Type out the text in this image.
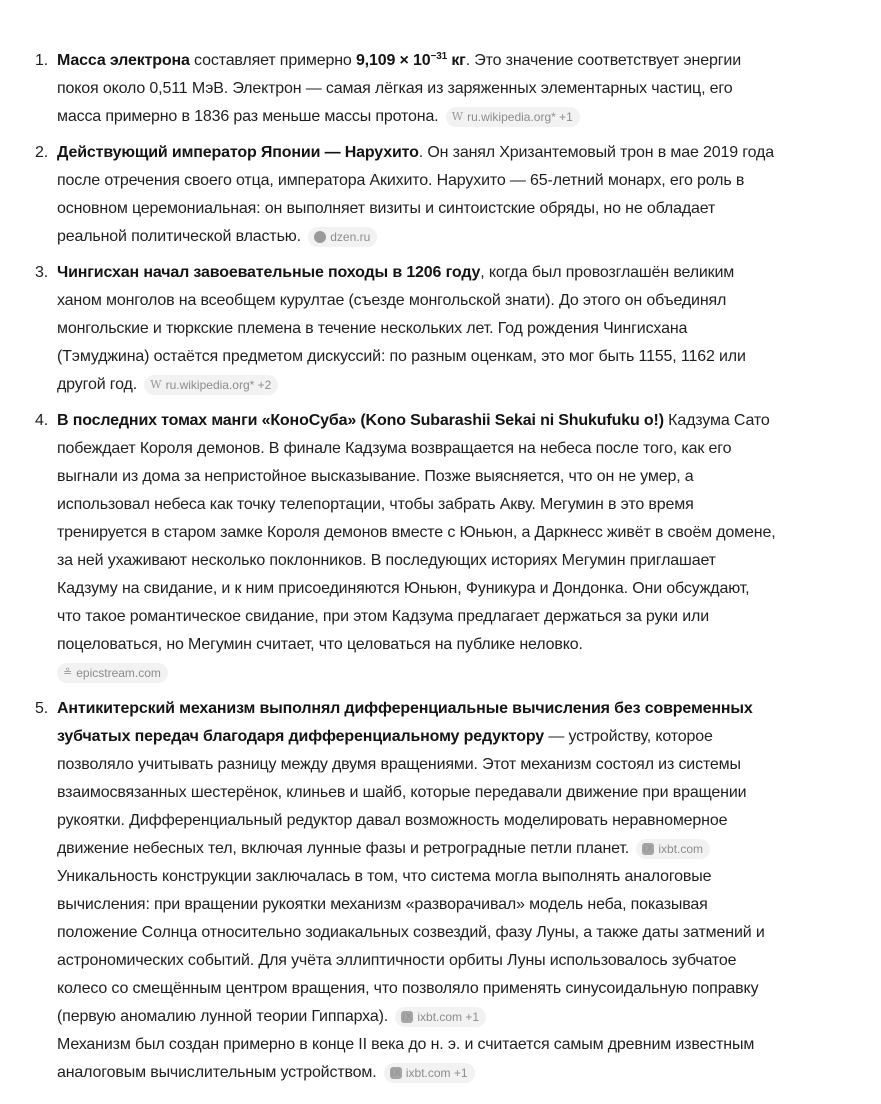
1. Масса электрона составляет примерно $9,109 \times 10^{-31}$ кг. Это значение соответствует энергии покоя около 0,511 МэВ. Электрон — самая лёгкая из заряженных элементарных частиц, его масса примерно в 1836 раз меньше массы протона. W ru.wikipedia.org* +1
2. Действующий император Японии — Нарухито. Он занял Хризантемовый трон в мае 2019 года после отречения своего отца, императора Акихито. Нарухито — 65-летний монарх, его роль в основном церемониальная: он выполняет визиты и синтоистские обряды, но не обладает реальной политической властью. + dzen.ru
3. Чингисхан начал завоевательные походы в 1206 году, когда был провозглашён великим ханом монголов на всеобщем курултае (съезде монгольской знати). До этого он объединял монгольские и тюркские племена в течение нескольких лет. Год рождения Чингисхана (Тэмуджина) остаётся предметом дискуссий: по разным оценкам, это мог быть 1155, 1162 или другой год. W ru.wikipedia.org* +2
4. В последних томах манги «КоноСуба» (Kono Subarashii Sekai ni Shukufuku o!) Кадзума Сато побеждает Короля демонов. В финале Кадзума возвращается на небеса после того, как его выгнали из дома за непристойное высказывание. Позже выясняется, что он не умер, а использовал небеса как точку телепортации, чтобы забрать Акву. Мегумин в это время тренируется в старом замке Короля демонов вместе с Юньюн, а Даркнесс живёт в своём домене, за ней ухаживают несколько поклонников. В последующих историях Мегумин приглашает Кадзуму на свидание, и к ним присоединяются Юньюн, Фуникура и Дондонка. Они обсуждают, что такое романтическое свидание, при этом Кадзума предлагает держаться за руки или поцеловаться, но Мегумин считает, что целоваться на публике неловко.

≗ epicstream.com
5. Антикитерский механизм выполнял дифференциальные вычисления без современных зубчатых передач благодаря дифференциальному редуктору — устройству, которое позволяло учитывать разницу между двумя вращениями. Этот механизм состоял из системы взаимосвязанных шестерёнок, клиньев и шайб, которые передавали движение при вращении рукоятки. Дифференциальный редуктор давал возможность моделировать неравномерное движение небесных тел, включая лунные фазы и ретроградные петли планет. iX ixbt.com
Уникальность конструкции заключалась в том, что система могла выполнять аналоговые вычисления: при вращении рукоятки механизм «разворачивал» модель неба, показывая положение Солнца относительно зодиакальных созвездий, фазу Луны, а также даты затмений и астрономических событий. Для учёта эллиптичности орбиты Луны использовалось зубчатое колесо со смещённым центром вращения, что позволяло применять синусоидальную поправку (первую аномалию лунной теории Гиппарха). iX ixbt.com +1
Механизм был создан примерно в конце II века до н. э. и считается самым древним известным аналоговым вычислительным устройством. iX ixbt.com +1
